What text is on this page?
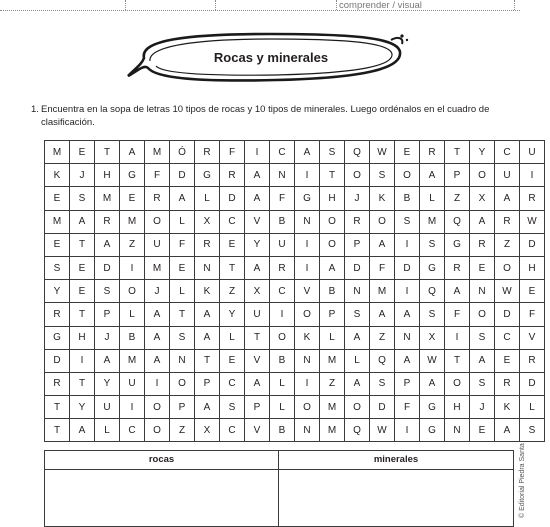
comprender / visual
Rocas y minerales
1. Encuentra en la sopa de letras 10 tipos de rocas y 10 tipos de minerales. Luego ordénalos en el cuadro de clasificación.
M	E	T	A	M	Ó	R	F	I	C	A	S	Q	W	E	R	T	Y	C	U
K	J	H	G	F	D	G	R	A	N	I	T	O	S	O	A	P	O	U	I
E	S	M	E	R	A	L	D	A	F	G	H	J	K	B	L	Z	X	A	R
M	A	R	M	O	L	X	C	V	B	N	O	R	O	S	M	Q	A	R	W
E	T	A	Z	U	F	R	E	Y	U	I	O	P	A	I	S	G	R	Z	D
S	E	D	I	M	E	N	T	A	R	I	A	D	F	D	G	R	E	O	H
Y	E	S	O	J	L	K	Z	X	C	V	B	N	M	I	Q	A	N	W	E
R	T	P	L	A	T	A	Y	U	I	O	P	S	A	A	S	F	O	D	F
G	H	J	B	A	S	A	L	T	O	K	L	A	Z	N	X	I	S	C	V
D	I	A	M	A	N	T	E	V	B	N	M	L	Q	A	W	T	A	E	R
R	T	Y	U	I	O	P	C	A	L	I	Z	A	S	P	A	O	S	R	D
T	Y	U	I	O	P	A	S	P	L	O	M	O	D	F	G	H	J	K	L
T	A	L	C	O	Z	X	C	V	B	N	M	Q	W	I	G	N	E	A	S
rocas	minerales	© Editorial Piedra Santa
